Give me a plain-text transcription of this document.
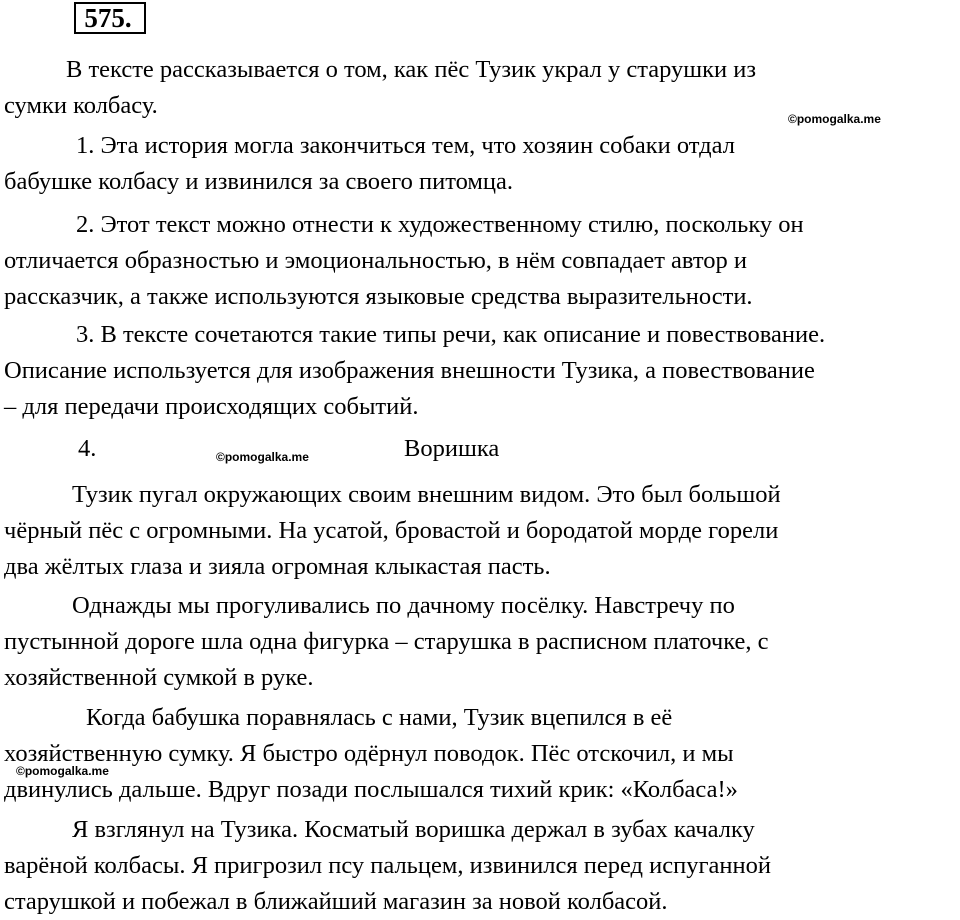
575.
В тексте рассказывается о том, как пёс Тузик украл у старушки из
сумки колбасу.	©pomogalka.me
1. Эта история могла закончиться тем, что хозяин собаки отдал
бабушке колбасу и извинился за своего питомца.
2. Этот текст можно отнести к художественному стилю, поскольку он
отличается образностью и эмоциональностью, в нём совпадает автор и
рассказчик, а также используются языковые средства выразительности.
3. В тексте сочетаются такие типы речи, как описание и повествование.
Описание используется для изображения внешности Тузика, а повествование
– для передачи происходящих событий.
4.	©pomogalka.me	Воришка
Тузик пугал окружающих своим внешним видом. Это был большой
чёрный пёс с огромными. На усатой, бровастой и бородатой морде горели
два жёлтых глаза и зияла огромная клыкастая пасть.
Однажды мы прогуливались по дачному посёлку. Навстречу по
пустынной дороге шла одна фигурка – старушка в расписном платочке, с
хозяйственной сумкой в руке.
Когда бабушка поравнялась с нами, Тузик вцепился в её
хозяйственную сумку. Я быстро одёрнул поводок. Пёс отскочил, и мы
двинулись дальше. Вдруг позади послышался тихий крик: «Колбаса!»
©pomogalka.me
Я взглянул на Тузика. Косматый воришка держал в зубах качалку
варёной колбасы. Я пригрозил псу пальцем, извинился перед испуганной
старушкой и побежал в ближайший магазин за новой колбасой.
